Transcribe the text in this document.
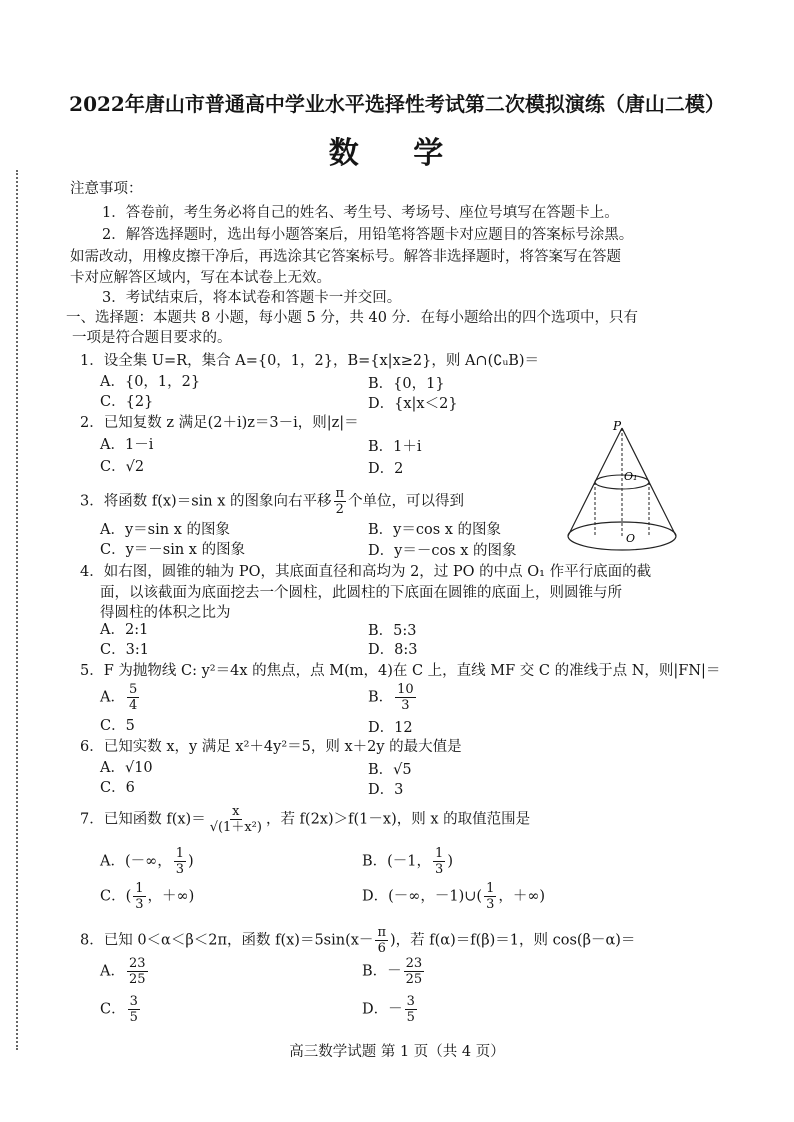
2022年唐山市普通高中学业水平选择性考试第二次模拟演练（唐山二模）
数 学
注意事项：
1．答卷前，考生务必将自己的姓名、考生号、考场号、座位号填写在答题卡上。
2．解答选择题时，选出每小题答案后，用铅笔将答题卡对应题目的答案标号涂黑。
如需改动，用橡皮擦干净后，再选涂其它答案标号。解答非选择题时，将答案写在答题
卡对应解答区域内，写在本试卷上无效。
3．考试结束后，将本试卷和答题卡一并交回。
一、选择题：本题共 8 小题，每小题 5 分，共 40 分．在每小题给出的四个选项中，只有
一项是符合题目要求的。
1．设全集 U=R，集合 A={0，1，2}，B={x|x≥2}，则 A∩(∁ᵤB)＝
A．{0，1，2}	B．{0，1}
C．{2}	D．{x|x＜2}
2．已知复数 z 满足(2＋i)z＝3－i，则|z|＝
A．1－i	B．1＋i
C．√2	D．2
P
O₁
O
3．将函数 f(x)＝sin x 的图象向右平移 $\frac{\pi}{2}$ 个单位，可以得到
A．y＝sin x 的图象	B．y＝cos x 的图象
C．y＝－sin x 的图象	D．y＝－cos x 的图象
4．如右图，圆锥的轴为 PO，其底面直径和高均为 2，过 PO 的中点 O₁ 作平行底面的截
面，以该截面为底面挖去一个圆柱，此圆柱的下底面在圆锥的底面上，则圆锥与所
得圆柱的体积之比为
A．2:1	B．5:3
C．3:1	D．8:3
5．F 为抛物线 C: y²＝4x 的焦点，点 M(m，4)在 C 上，直线 MF 交 C 的准线于点 N，则|FN|＝
A． $\frac{5}{4}$	B． $\frac{10}{3}$
C．5	D．12
6．已知实数 x，y 满足 x²＋4y²＝5，则 x＋2y 的最大值是
A．√10	B．√5
C．6	D．3
7．已知函数 $f(x)= \frac{x}{\text{√(1＋x²)}}$ ，若 f(2x)＞f(1－x)，则 x 的取值范围是
A．(－∞， $\frac{1}{3}$ )	B．(－1， $\frac{1}{3}$ )
C．( $\frac{1}{3}$ ，＋∞)	D．(－∞，－1)∪( $\frac{1}{3}$ ，＋∞)
8．已知 0＜α＜β＜2π，函数 $f(x)=5\sin(x- \frac{\pi}{6}$ )，若 f(α)＝f(β)＝1，则 cos(β－α)＝
A． $\frac{23}{25}$	B．－ $\frac{23}{25}$
C． $\frac{3}{5}$	D．－ $\frac{3}{5}$
高三数学试题 第 1 页（共 4 页）
